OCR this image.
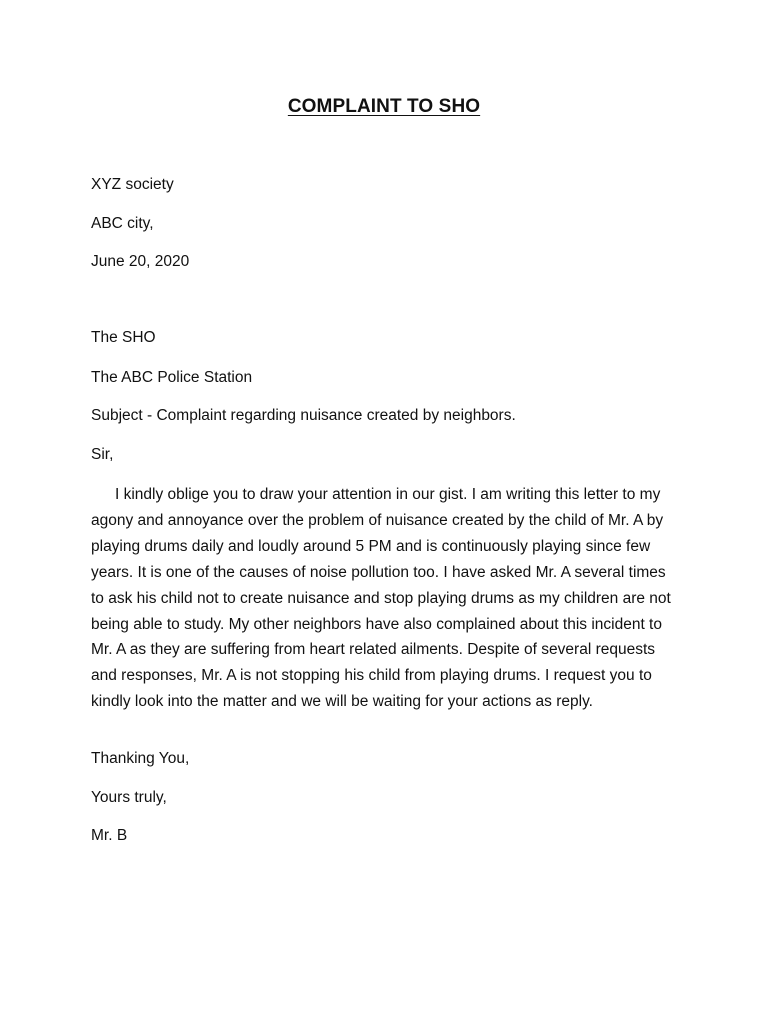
COMPLAINT TO SHO
XYZ society
ABC city,
June 20, 2020
The SHO
The ABC Police Station
Subject - Complaint regarding nuisance created by neighbors.
Sir,
I kindly oblige you to draw your attention in our gist. I am writing this letter to my agony and annoyance over the problem of nuisance created by the child of Mr. A by playing drums daily and loudly around 5 PM and is continuously playing since few years. It is one of the causes of noise pollution too. I have asked Mr. A several times to ask his child not to create nuisance and stop playing drums as my children are not being able to study. My other neighbors have also complained about this incident to Mr. A as they are suffering from heart related ailments. Despite of several requests and responses, Mr. A is not stopping his child from playing drums. I request you to kindly look into the matter and we will be waiting for your actions as reply.
Thanking You,
Yours truly,
Mr. B
